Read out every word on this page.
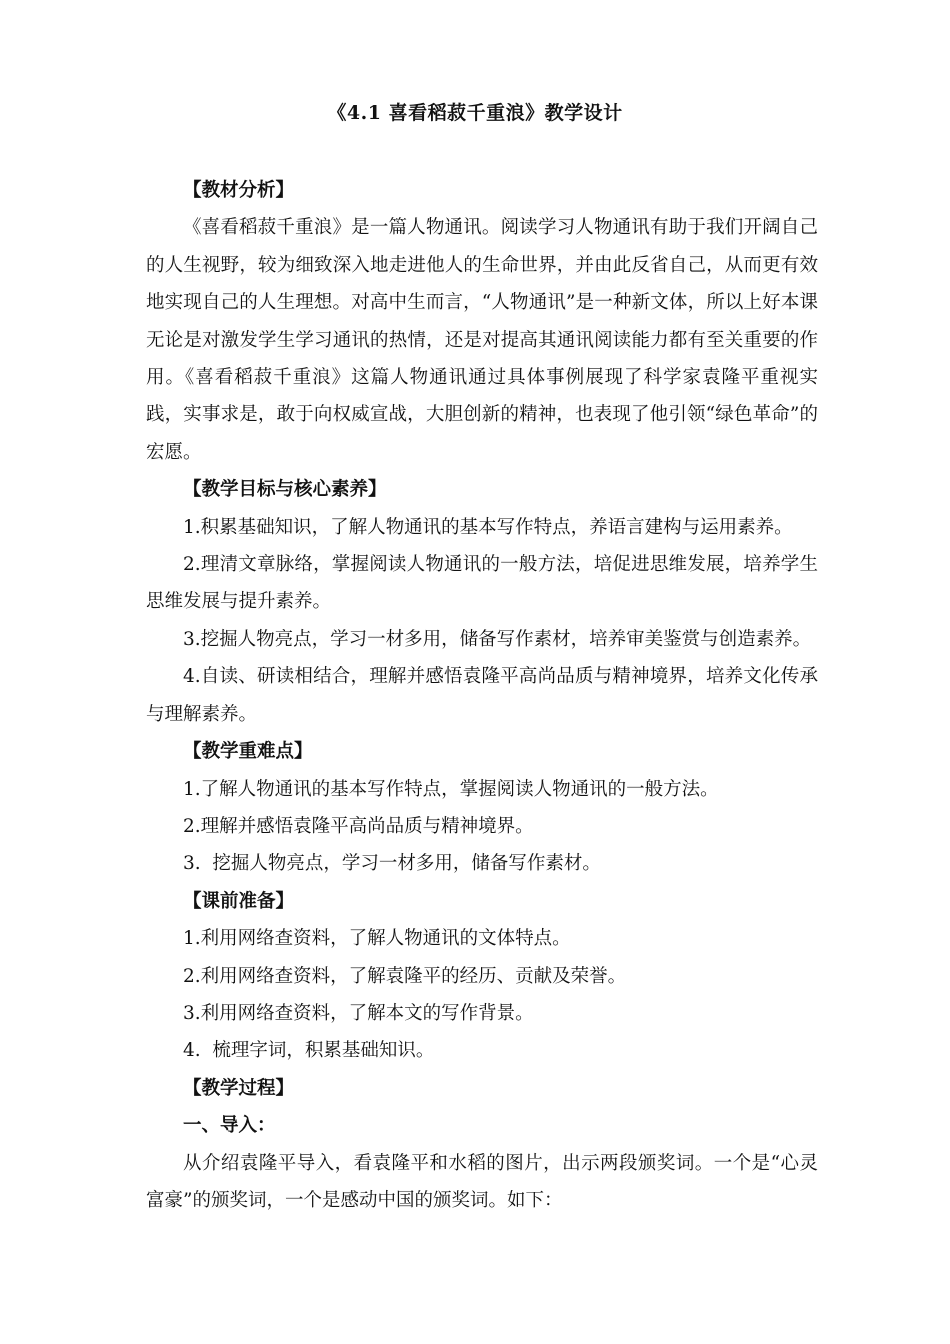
《4.1 喜看稻菽千重浪》教学设计
【教材分析】
《喜看稻菽千重浪》是一篇人物通讯。阅读学习人物通讯有助于我们开阔自己的人生视野，较为细致深入地走进他人的生命世界，并由此反省自己，从而更有效地实现自己的人生理想。对高中生而言，“人物通讯”是一种新文体，所以上好本课无论是对激发学生学习通讯的热情，还是对提高其通讯阅读能力都有至关重要的作用。《喜看稻菽千重浪》这篇人物通讯通过具体事例展现了科学家袁隆平重视实践，实事求是，敢于向权威宣战，大胆创新的精神，也表现了他引领“绿色革命”的宏愿。
【教学目标与核心素养】
1.积累基础知识，了解人物通讯的基本写作特点，养语言建构与运用素养。
2.理清文章脉络，掌握阅读人物通讯的一般方法，培促进思维发展，培养学生思维发展与提升素养。
3.挖掘人物亮点，学习一材多用，储备写作素材，培养审美鉴赏与创造素养。
4.自读、研读相结合，理解并感悟袁隆平高尚品质与精神境界，培养文化传承与理解素养。
【教学重难点】
1.了解人物通讯的基本写作特点，掌握阅读人物通讯的一般方法。
2.理解并感悟袁隆平高尚品质与精神境界。
3.  挖掘人物亮点，学习一材多用，储备写作素材。
【课前准备】
1.利用网络查资料，了解人物通讯的文体特点。
2.利用网络查资料，了解袁隆平的经历、贡献及荣誉。
3.利用网络查资料，了解本文的写作背景。
4.  梳理字词，积累基础知识。
【教学过程】
一、导入：
从介绍袁隆平导入，看袁隆平和水稻的图片，出示两段颁奖词。一个是“心灵富豪”的颁奖词，一个是感动中国的颁奖词。如下：
